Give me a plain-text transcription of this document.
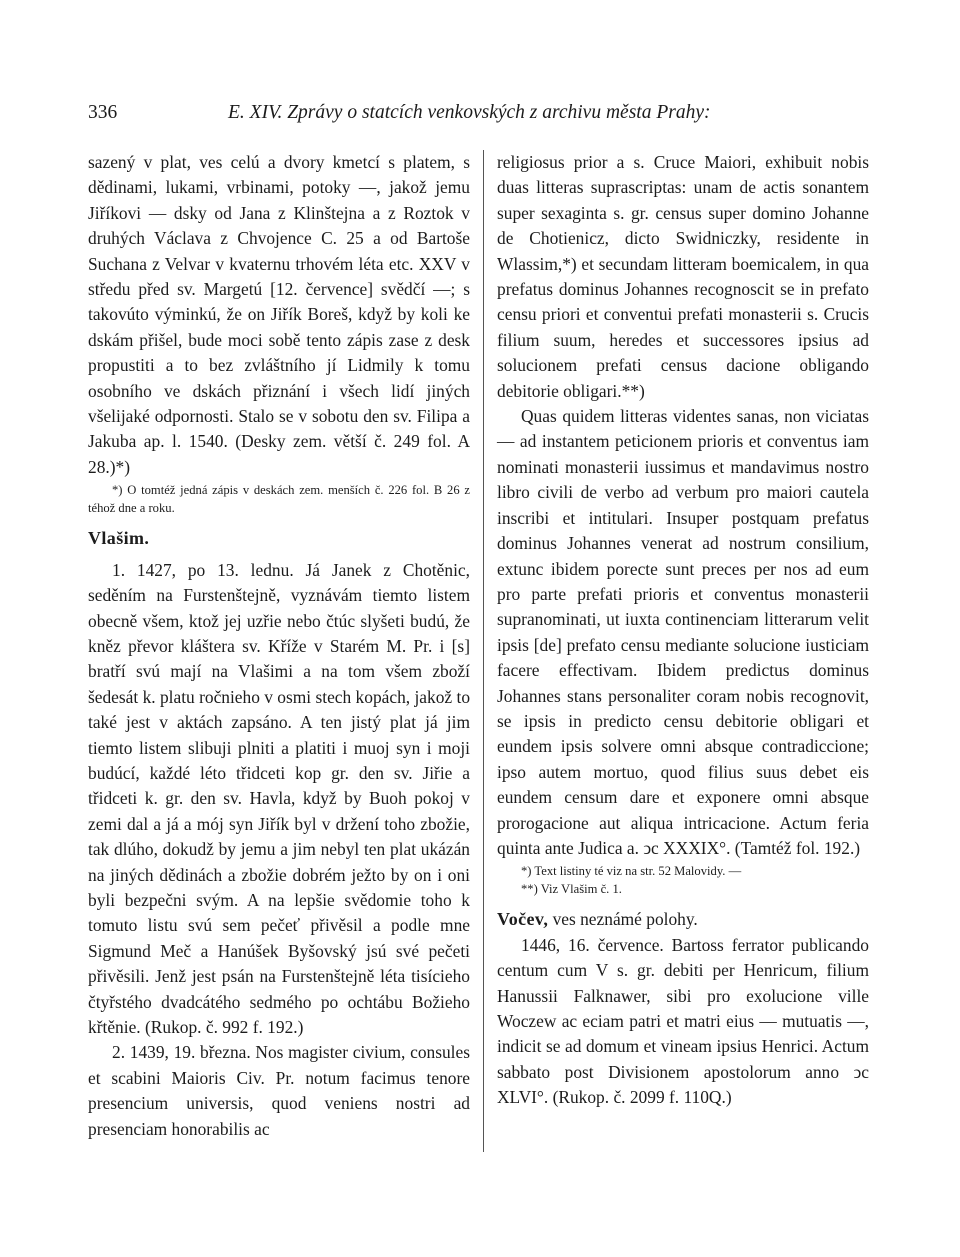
336	E. XIV. Zprávy o statcích venkovských z archivu města Prahy:

sazený v plat, ves celú a dvory kmetcí s platem, s dědinami, lukami, vrbinami, potoky —, jakož jemu Jiříkovi — dsky od Jana z Klinštejna a z Roztok v druhých Václava z Chvojence C. 25 a od Bartoše Suchana z Velvar v kvaternu trhovém léta etc. XXV v středu před sv. Margetú [12. července] svědčí —; s takovúto výminkú, že on Jiřík Boreš, když by koli ke dskám přišel, bude moci sobě tento zápis zase z desk propustiti a to bez zvláštního jí Lidmily k tomu osobního ve dskách přiznání i všech lidí jiných všelijaké odpornosti. Stalo se v sobotu den sv. Filipa a Jakuba ap. l. 1540. (Desky zem. větší č. 249 fol. A 28.)*)

*) O tomtéž jedná zápis v deskách zem. menších č. 226 fol. B 26 z téhož dne a roku.

Vlašim.

1. 1427, po 13. lednu. Já Janek z Chotěnic, seděním na Furstenštejně, vyznávám tiemto listem obecně všem, ktož jej uzřie nebo čtúc slyšeti budú, že kněz převor kláštera sv. Kříže v Starém M. Pr. i [s] bratří svú mají na Vlašimi a na tom všem zboží šedesát k. platu ročnieho v osmi stech kopách, jakož to také jest v aktách zapsáno. A ten jistý plat já jim tiemto listem slibuji plniti a platiti i muoj syn i moji budúcí, každé léto třidceti kop gr. den sv. Jiřie a třidceti k. gr. den sv. Havla, když by Buoh pokoj v zemi dal a já a mój syn Jiřík byl v držení toho zbožie, tak dlúho, dokudž by jemu a jim nebyl ten plat ukázán na jiných dědinách a zbožie dobrém ježto by on i oni byli bezpečni svým. A na lepšie svědomie toho k tomuto listu svú sem pečeť přivěsil a podle mne Sigmund Meč a Hanúšek Byšovský jsú své pečeti přivěsili. Jenž jest psán na Furstenštejně léta tisícieho čtyřstého dvadcátého sedmého po ochtábu Božieho křtěnie. (Rukop. č. 992 f. 192.)

2. 1439, 19. března. Nos magister civium, consules et scabini Maioris Civ. Pr. notum facimus tenore presencium universis, quod veniens nostri ad presenciam honorabilis ac

religiosus prior a s. Cruce Maiori, exhibuit nobis duas litteras suprascriptas: unam de actis sonantem super sexaginta s. gr. census super domino Johanne de Chotienicz, dicto Swidniczky, residente in Wlassim,*) et secundam litteram boemicalem, in qua prefatus dominus Johannes recognoscit se in prefato censu priori et conventui prefati monasterii s. Crucis filium suum, heredes et successores ipsius ad solucionem prefati census dacione obligando debitorie obligari.**)

Quas quidem litteras videntes sanas, non viciatas — ad instantem peticionem prioris et conventus iam nominati monasterii iussimus et mandavimus nostro libro civili de verbo ad verbum pro maiori cautela inscribi et intitulari. Insuper postquam prefatus dominus Johannes venerat ad nostrum consilium, extunc ibidem porecte sunt preces per nos ad eum pro parte prefati prioris et conventus monasterii supranominati, ut iuxta continenciam litterarum velit ipsis [de] prefato censu mediante solucione iusticiam facere effectivam. Ibidem predictus dominus Johannes stans personaliter coram nobis recognovit, se ipsis in predicto censu debitorie obligari et eundem ipsis solvere omni absque contradiccione; ipso autem mortuo, quod filius suus debet eis eundem censum dare et exponere omni absque prorogacione aut aliqua intricacione. Actum feria quinta ante Judica a. ↄc XXXIX°. (Tamtéž fol. 192.)

*) Text listiny té viz na str. 52 Malovidy. —

**) Viz Vlašim č. 1.

Vočev, ves neznámé polohy.

1446, 16. července. Bartoss ferrator publicando centum cum V s. gr. debiti per Henricum, filium Hanussii Falknawer, sibi pro exolucione ville Woczew ac eciam patri et matri eius — mutuatis —, indicit se ad domum et vineam ipsius Henrici. Actum sabbato post Divisionem apostolorum anno ↄc XLVI°. (Rukop. č. 2099 f. 110Q.)
